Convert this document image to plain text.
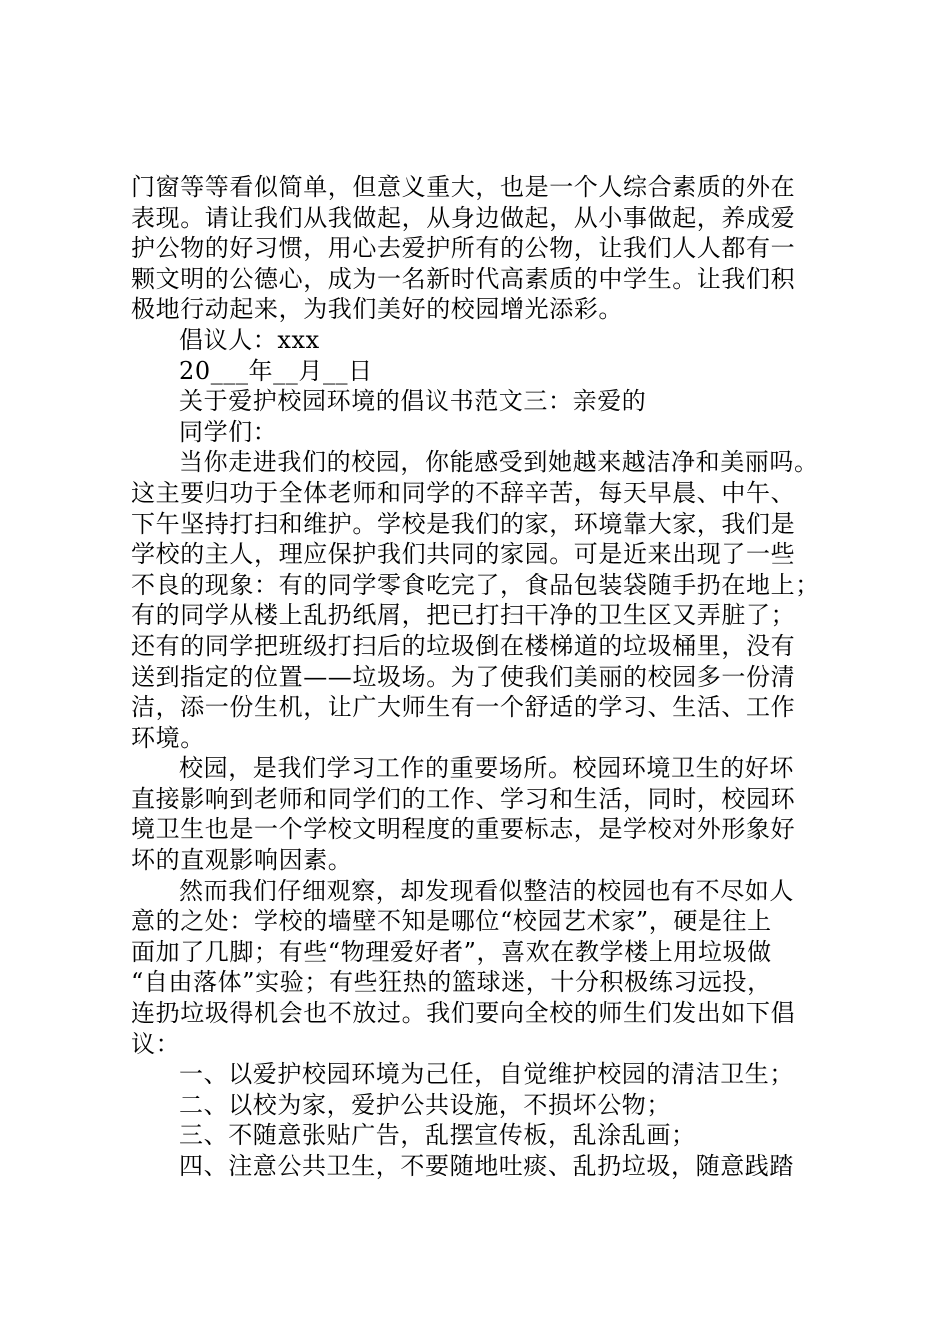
门窗等等看似简单，但意义重大，也是一个人综合素质的外在
表现。请让我们从我做起，从身边做起，从小事做起，养成爱
护公物的好习惯，用心去爱护所有的公物，让我们人人都有一
颗文明的公德心，成为一名新时代高素质的中学生。让我们积
极地行动起来，为我们美好的校园增光添彩。
倡议人：xxx
20___年__月__日
关于爱护校园环境的倡议书范文三：亲爱的
同学们：
当你走进我们的校园，你能感受到她越来越洁净和美丽吗。
这主要归功于全体老师和同学的不辞辛苦，每天早晨、中午、
下午坚持打扫和维护。学校是我们的家，环境靠大家，我们是
学校的主人，理应保护我们共同的家园。可是近来出现了一些
不良的现象：有的同学零食吃完了，食品包装袋随手扔在地上；
有的同学从楼上乱扔纸屑，把已打扫干净的卫生区又弄脏了；
还有的同学把班级打扫后的垃圾倒在楼梯道的垃圾桶里，没有
送到指定的位置——垃圾场。为了使我们美丽的校园多一份清
洁，添一份生机，让广大师生有一个舒适的学习、生活、工作
环境。
校园，是我们学习工作的重要场所。校园环境卫生的好坏
直接影响到老师和同学们的工作、学习和生活，同时，校园环
境卫生也是一个学校文明程度的重要标志，是学校对外形象好
坏的直观影响因素。
然而我们仔细观察，却发现看似整洁的校园也有不尽如人
意的之处：学校的墙壁不知是哪位“校园艺术家”，硬是往上
面加了几脚；有些“物理爱好者”，喜欢在教学楼上用垃圾做
“自由落体”实验；有些狂热的篮球迷，十分积极练习远投，
连扔垃圾得机会也不放过。我们要向全校的师生们发出如下倡
议：
一、以爱护校园环境为己任，自觉维护校园的清洁卫生；
二、以校为家，爱护公共设施，不损坏公物；
三、不随意张贴广告，乱摆宣传板，乱涂乱画；
四、注意公共卫生，不要随地吐痰、乱扔垃圾，随意践踏
